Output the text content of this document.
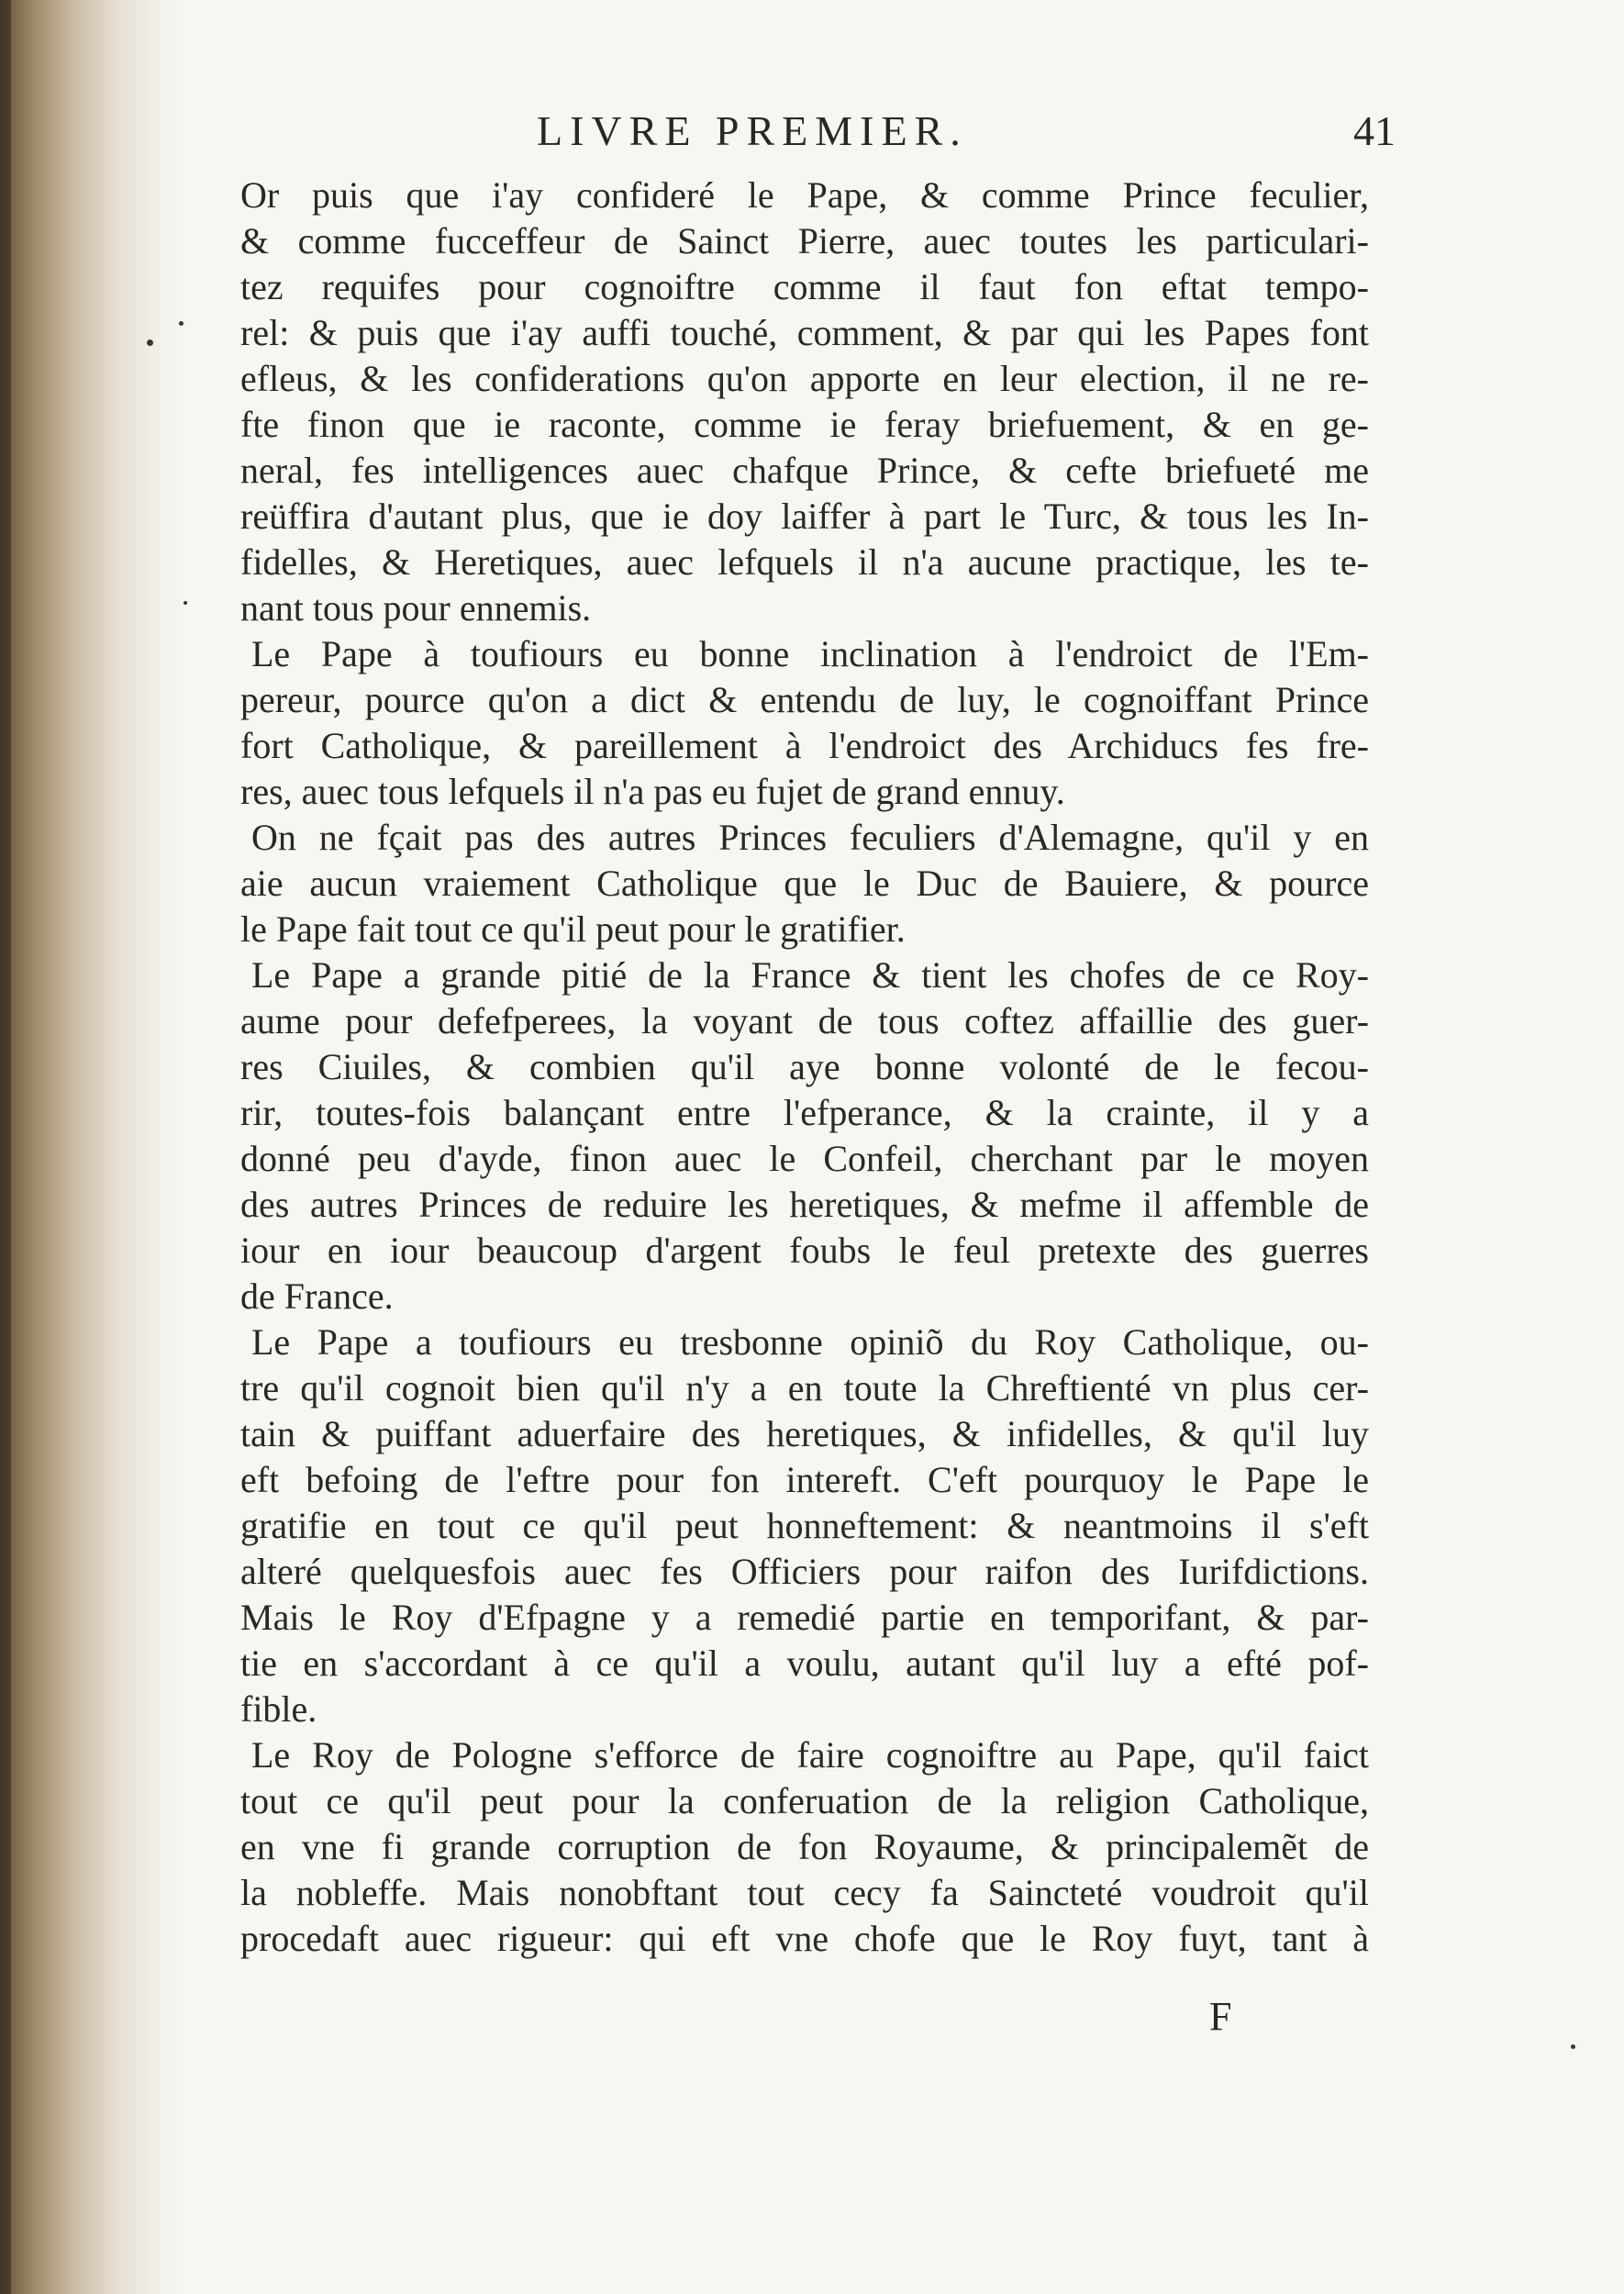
LIVRE PREMIER.	41
Or puis que i'ay confideré le Pape, & comme Prince feculier,
& comme fucceffeur de Sainct Pierre, auec toutes les particulari-
tez requifes pour cognoiftre comme il faut fon eftat tempo-
rel: & puis que i'ay auffi touché, comment, & par qui les Papes font
efleus, & les confiderations qu'on apporte en leur election, il ne re-
fte finon que ie raconte, comme ie feray briefuement, & en ge-
neral, fes intelligences auec chafque Prince, & cefte briefueté me
reüffira d'autant plus, que ie doy laiffer à part le Turc, & tous les In-
fidelles, & Heretiques, auec lefquels il n'a aucune practique, les te-
nant tous pour ennemis.
Le Pape à toufiours eu bonne inclination à l'endroict de l'Em-
pereur, pource qu'on a dict & entendu de luy, le cognoiffant Prince
fort Catholique, & pareillement à l'endroict des Archiducs fes fre-
res, auec tous lefquels il n'a pas eu fujet de grand ennuy.
On ne fçait pas des autres Princes feculiers d'Alemagne, qu'il y en
aie aucun vraiement Catholique que le Duc de Bauiere, & pource
le Pape fait tout ce qu'il peut pour le gratifier.
Le Pape a grande pitié de la France & tient les chofes de ce Roy-
aume pour defefperees, la voyant de tous coftez affaillie des guer-
res Ciuiles, & combien qu'il aye bonne volonté de le fecou-
rir, toutes-fois balançant entre l'efperance, & la crainte, il y a
donné peu d'ayde, finon auec le Confeil, cherchant par le moyen
des autres Princes de reduire les heretiques, & mefme il affemble de
iour en iour beaucoup d'argent foubs le feul pretexte des guerres
de France.
Le Pape a toufiours eu tresbonne opiniõ du Roy Catholique, ou-
tre qu'il cognoit bien qu'il n'y a en toute la Chreftienté vn plus cer-
tain & puiffant aduerfaire des heretiques, & infidelles, & qu'il luy
eft befoing de l'eftre pour fon intereft. C'eft pourquoy le Pape le
gratifie en tout ce qu'il peut honneftement: & neantmoins il s'eft
alteré quelquesfois auec fes Officiers pour raifon des Iurifdictions.
Mais le Roy d'Efpagne y a remedié partie en temporifant, & par-
tie en s'accordant à ce qu'il a voulu, autant qu'il luy a efté pof-
fible.
Le Roy de Pologne s'efforce de faire cognoiftre au Pape, qu'il faict
tout ce qu'il peut pour la conferuation de la religion Catholique,
en vne fi grande corruption de fon Royaume, & principalemẽt de
la nobleffe. Mais nonobftant tout cecy fa Saincteté voudroit qu'il
procedaft auec rigueur: qui eft vne chofe que le Roy fuyt, tant à
F
